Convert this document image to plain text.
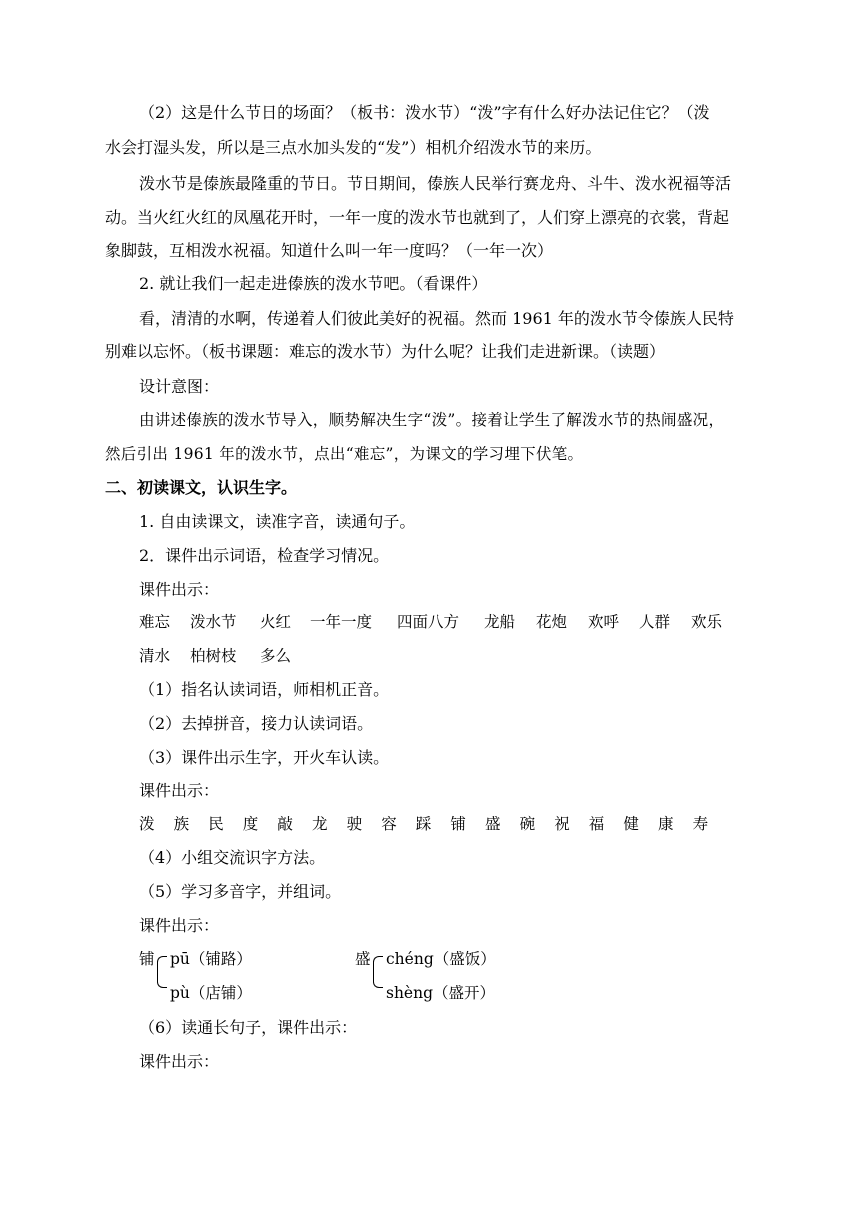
（2）这是什么节日的场面？（板书：泼水节）“泼”字有什么好办法记住它？（泼
水会打湿头发，所以是三点水加头发的“发”）相机介绍泼水节的来历。
泼水节是傣族最隆重的节日。节日期间，傣族人民举行赛龙舟、斗牛、泼水祝福等活
动。当火红火红的凤凰花开时，一年一度的泼水节也就到了，人们穿上漂亮的衣裳，背起
象脚鼓，互相泼水祝福。知道什么叫一年一度吗？（一年一次）
2. 就让我们一起走进傣族的泼水节吧。（看课件）
看，清清的水啊，传递着人们彼此美好的祝福。然而 1961 年的泼水节令傣族人民特
别难以忘怀。（板书课题：难忘的泼水节）为什么呢？让我们走进新课。（读题）
设计意图：
由讲述傣族的泼水节导入，顺势解决生字“泼”。接着让学生了解泼水节的热闹盛况，
然后引出 1961 年的泼水节，点出“难忘”，为课文的学习埋下伏笔。
二、初读课文，认识生字。
1. 自由读课文，读准字音，读通句子。
2．课件出示词语，检查学习情况。
课件出示：
难忘 泼水节 火红 一年一度 四面八方 龙船 花炮 欢呼 人群 欢乐
清水 柏树枝 多么
（1）指名认读词语，师相机正音。
（2）去掉拼音，接力认读词语。
（3）课件出示生字，开火车认读。
课件出示：
泼 族 民 度 敲 龙 驶 容 踩 铺 盛 碗 祝 福 健 康 寿
（4）小组交流识字方法。
（5）学习多音字，并组词。
课件出示：
铺 pū（铺路）
pù（店铺）
盛 chéng（盛饭）
shèng（盛开）
（6）读通长句子，课件出示：
课件出示：
